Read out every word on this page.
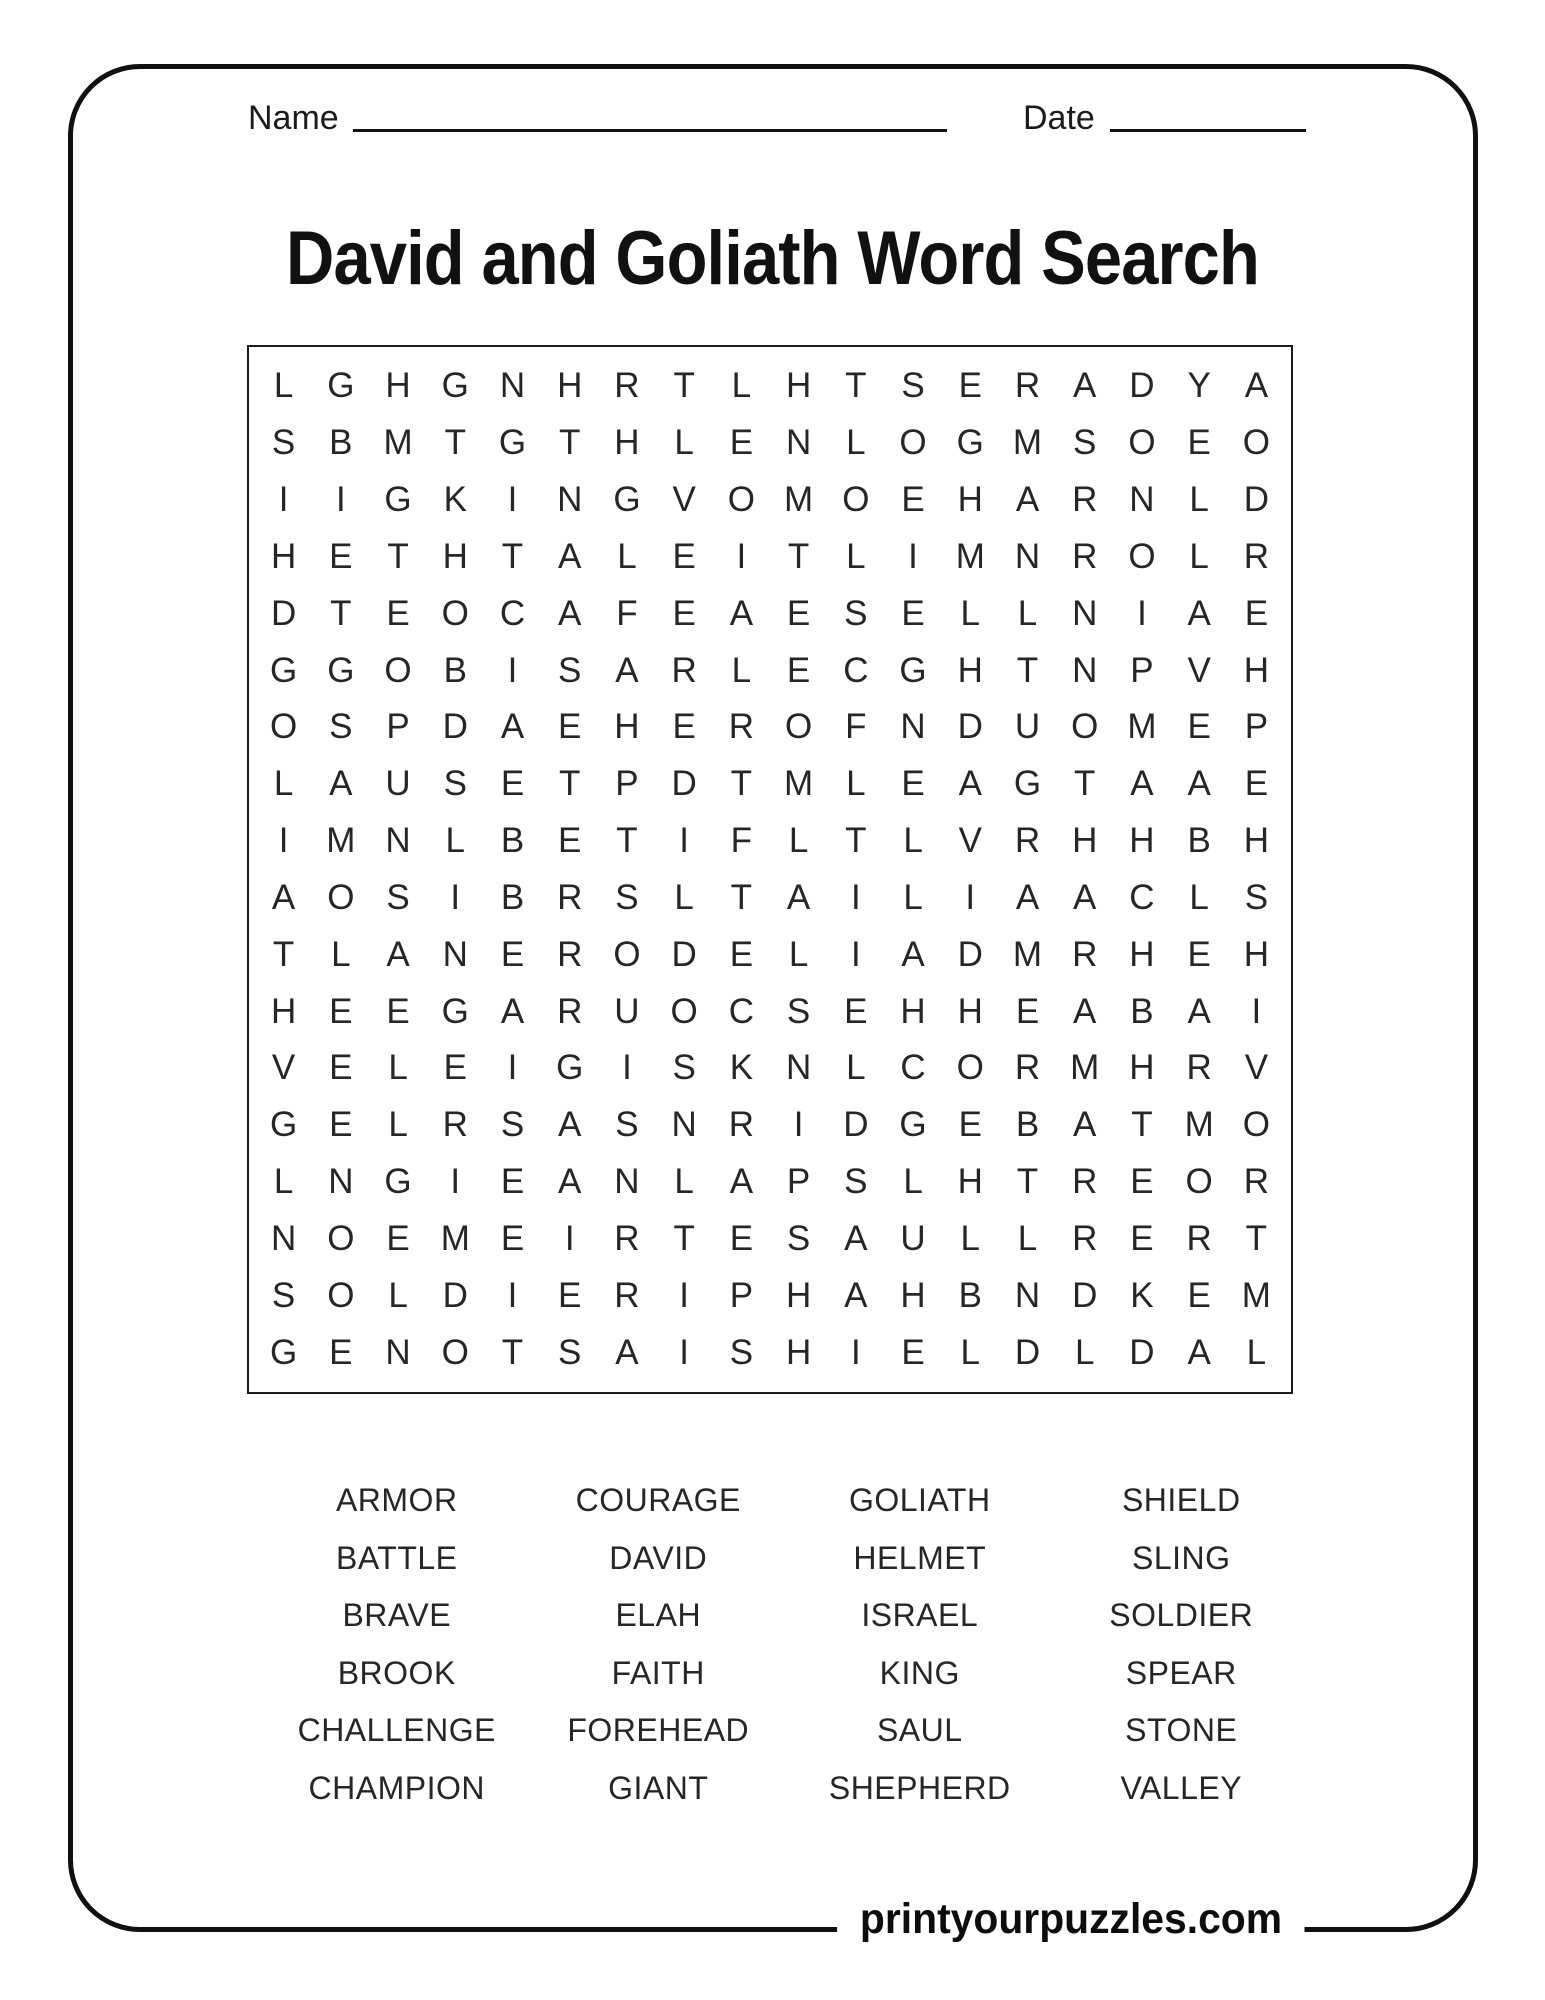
Name	Date
David and Goliath Word Search
L G H G N H R T	L H T S E R A D Y A
S B M T G T H L	E N L O G M S O E O
I	I	G K	I	N G V O M O E H A R N L D
H E T H T A	L	E	I	T	L	I	M N R O L R
D T E O C A F E A E S E	L	L N	I	A E
G G O B	I	S A R L	E C G H T N P V H
O S P D A E H E R O F N D U O M E P
L	A U S E T P D T M L	E A G T A A E
I	M N L	B E T	I	F	L	T	L	V R H H B H
A O S	I	B R S	L	T A	I	L	I	A A C L	S
T	L	A N E R O D E	L	I	A D M R H E H
H E E G A R U O C S E H H E A B A	I
V E	L	E	I	G	I	S K N L C O R M H R V
G E	L R S A S N R	I	D G E B A T M O
L N G	I	E A N L	A P S	L H T R E O R
N O E M E	I	R T E S A U L	L R E R T
S O L D	I	E R	I	P H A H B N D K E M
G E N O T S A	I	S H	I	E	L D L D A	L
ARMOR	COURAGE	GOLIATH	SHIELD
BATTLE	DAVID	HELMET	SLING
BRAVE	ELAH	ISRAEL	SOLDIER
BROOK	FAITH	KING	SPEAR
CHALLENGE	FOREHEAD	SAUL	STONE
CHAMPION	GIANT	SHEPHERD	VALLEY
printyourpuzzles.com
